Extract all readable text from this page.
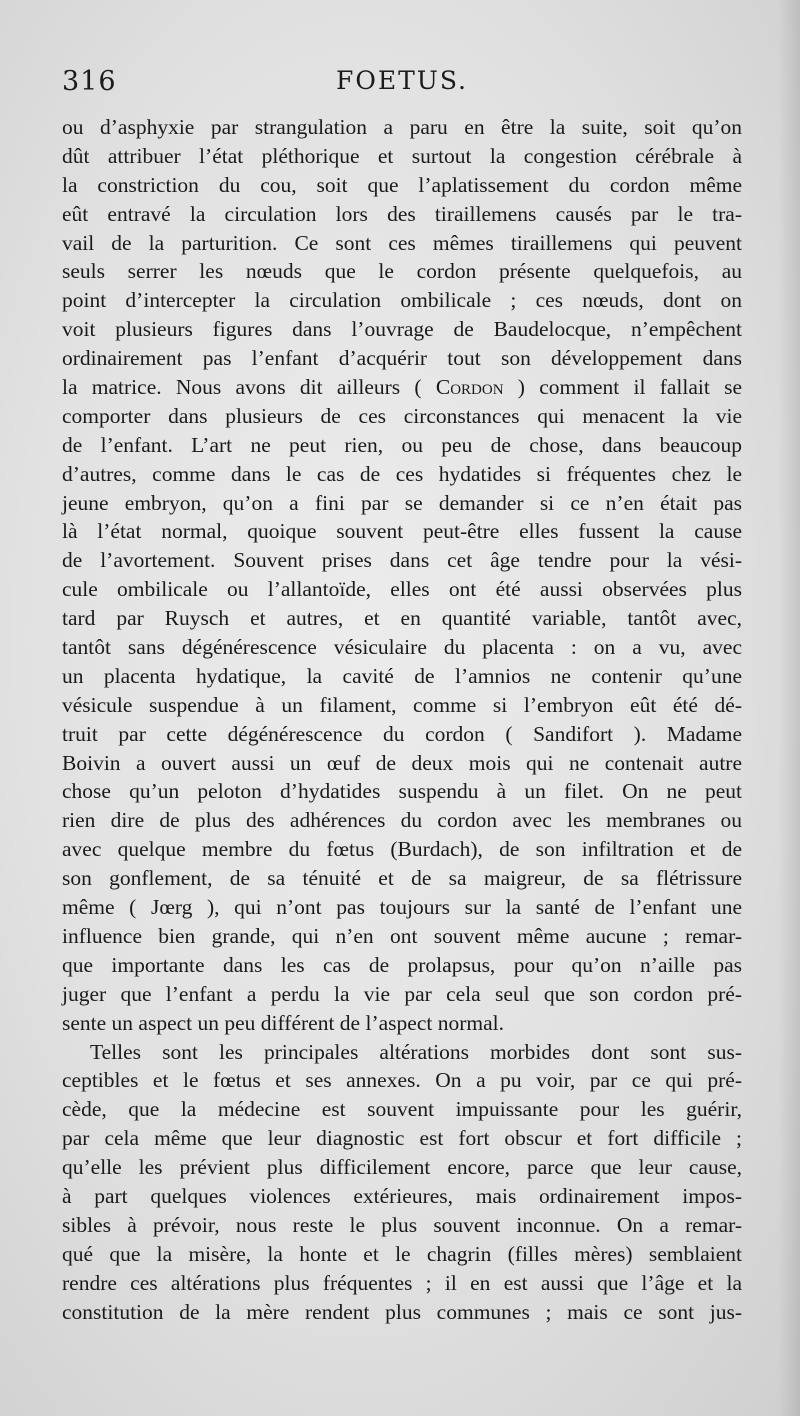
316	FOETUS.
ou d’asphyxie par strangulation a paru en être la suite, soit qu’on
dût attribuer l’état pléthorique et surtout la congestion cérébrale à
la constriction du cou, soit que l’aplatissement du cordon même
eût entravé la circulation lors des tiraillemens causés par le tra-
vail de la parturition. Ce sont ces mêmes tiraillemens qui peuvent
seuls serrer les nœuds que le cordon présente quelquefois, au
point d’intercepter la circulation ombilicale ; ces nœuds, dont on
voit plusieurs figures dans l’ouvrage de Baudelocque, n’empêchent
ordinairement pas l’enfant d’acquérir tout son développement dans
la matrice. Nous avons dit ailleurs ( Cordon ) comment il fallait se
comporter dans plusieurs de ces circonstances qui menacent la vie
de l’enfant. L’art ne peut rien, ou peu de chose, dans beaucoup
d’autres, comme dans le cas de ces hydatides si fréquentes chez le
jeune embryon, qu’on a fini par se demander si ce n’en était pas
là l’état normal, quoique souvent peut-être elles fussent la cause
de l’avortement. Souvent prises dans cet âge tendre pour la vési-
cule ombilicale ou l’allantoïde, elles ont été aussi observées plus
tard par Ruysch et autres, et en quantité variable, tantôt avec,
tantôt sans dégénérescence vésiculaire du placenta : on a vu, avec
un placenta hydatique, la cavité de l’amnios ne contenir qu’une
vésicule suspendue à un filament, comme si l’embryon eût été dé-
truit par cette dégénérescence du cordon ( Sandifort ). Madame
Boivin a ouvert aussi un œuf de deux mois qui ne contenait autre
chose qu’un peloton d’hydatides suspendu à un filet. On ne peut
rien dire de plus des adhérences du cordon avec les membranes ou
avec quelque membre du fœtus (Burdach), de son infiltration et de
son gonflement, de sa ténuité et de sa maigreur, de sa flétrissure
même ( Jœrg ), qui n’ont pas toujours sur la santé de l’enfant une
influence bien grande, qui n’en ont souvent même aucune ; remar-
que importante dans les cas de prolapsus, pour qu’on n’aille pas
juger que l’enfant a perdu la vie par cela seul que son cordon pré-
sente un aspect un peu différent de l’aspect normal.
Telles sont les principales altérations morbides dont sont sus-
ceptibles et le fœtus et ses annexes. On a pu voir, par ce qui pré-
cède, que la médecine est souvent impuissante pour les guérir,
par cela même que leur diagnostic est fort obscur et fort difficile ;
qu’elle les prévient plus difficilement encore, parce que leur cause,
à part quelques violences extérieures, mais ordinairement impos-
sibles à prévoir, nous reste le plus souvent inconnue. On a remar-
qué que la misère, la honte et le chagrin (filles mères) semblaient
rendre ces altérations plus fréquentes ; il en est aussi que l’âge et la
constitution de la mère rendent plus communes ; mais ce sont jus-
